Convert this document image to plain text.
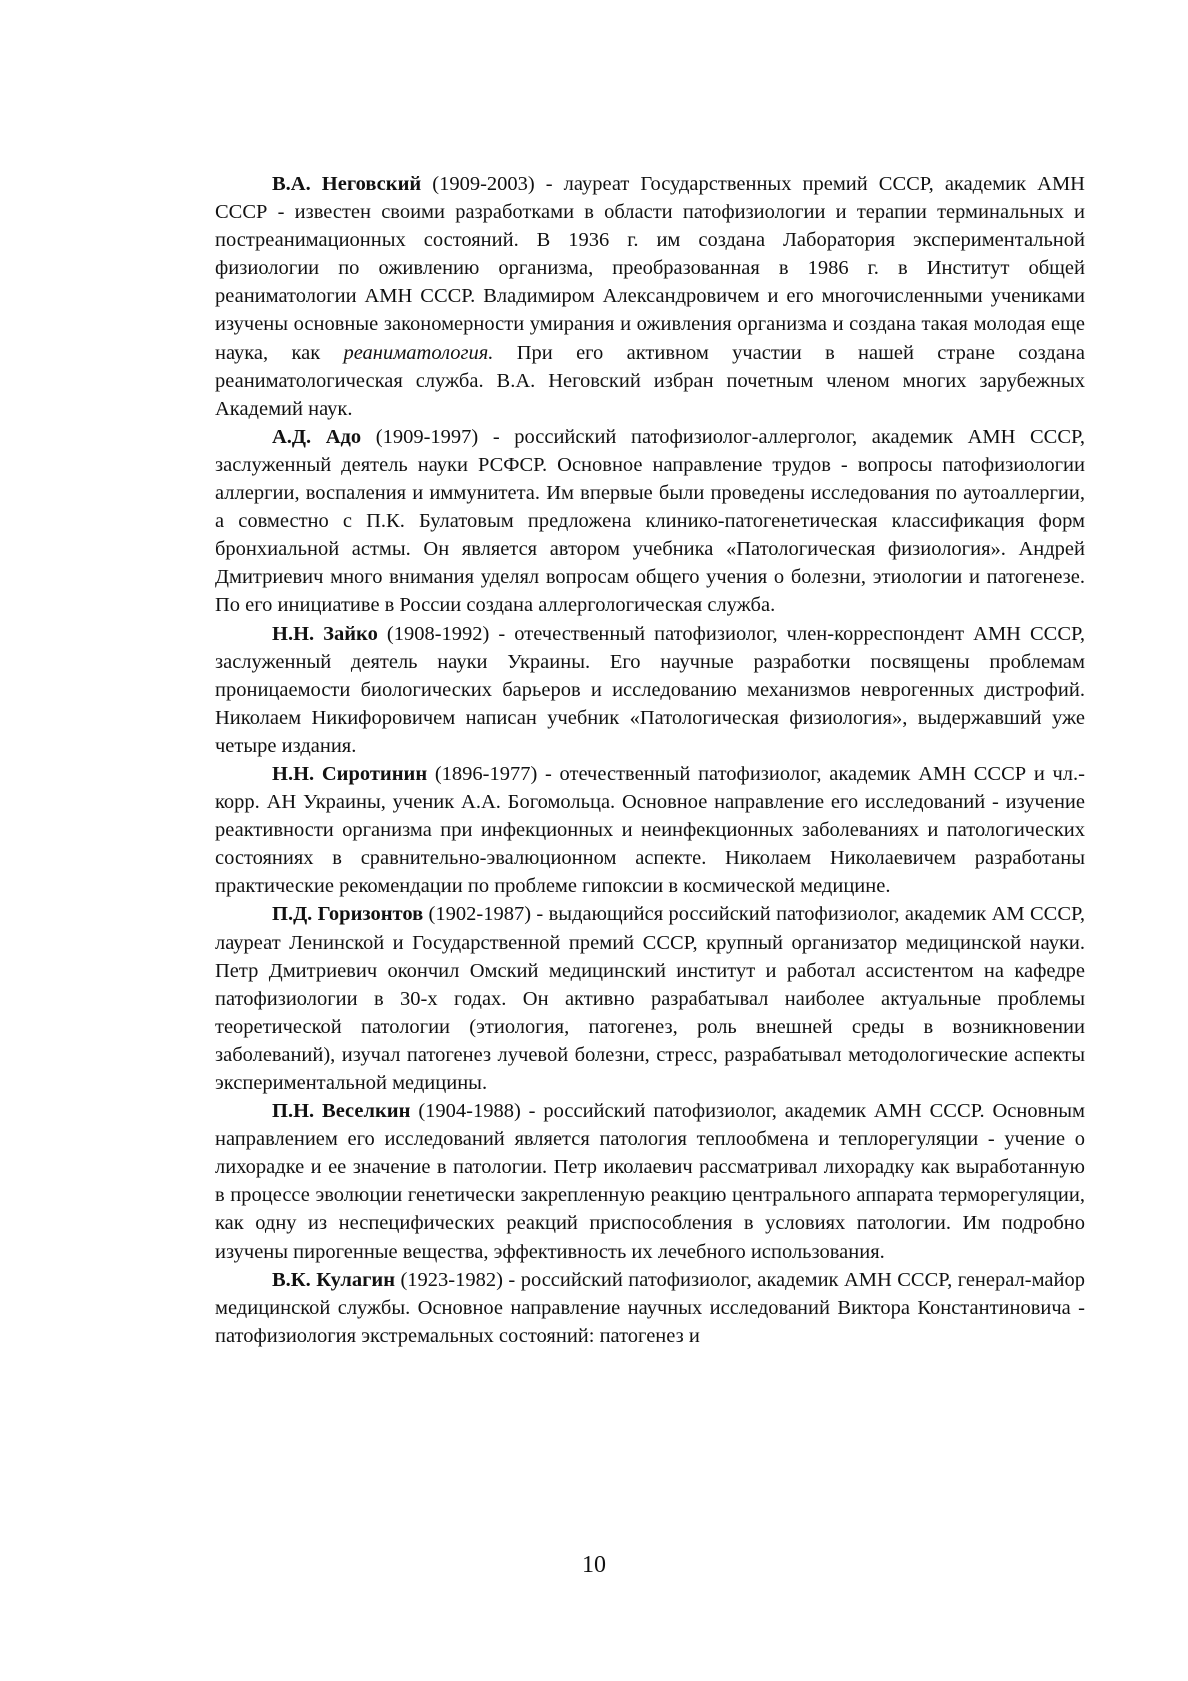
В.А. Неговский (1909-2003) - лауреат Государственных премий СССР, академик АМН СССР - известен своими разработками в области патофизиологии и терапии терминальных и постреанимационных состояний. В 1936 г. им создана Лаборатория экспериментальной физиологии по оживлению организма, преобразованная в 1986 г. в Институт общей реаниматологии АМН СССР. Владимиром Александровичем и его многочисленными учениками изучены основные закономерности умирания и оживления организма и создана такая молодая еще наука, как реаниматология. При его активном участии в нашей стране создана реаниматологическая служба. В.А. Неговский избран почетным членом многих зарубежных Академий наук.

А.Д. Адо (1909-1997) - российский патофизиолог-аллерголог, академик АМН СССР, заслуженный деятель науки РСФСР. Основное направление трудов - вопросы патофизиологии аллергии, воспаления и иммунитета. Им впервые были проведены исследования по аутоаллергии, а совместно с П.К. Булатовым предложена клинико-патогенетическая классификация форм бронхиальной астмы. Он является автором учебника «Патологическая физиология». Андрей Дмитриевич много внимания уделял вопросам общего учения о болезни, этиологии и патогенезе. По его инициативе в России создана аллергологическая служба.

Н.Н. Зайко (1908-1992) - отечественный патофизиолог, член-корреспондент АМН СССР, заслуженный деятель науки Украины. Его научные разработки посвящены проблемам проницаемости биологических барьеров и исследованию механизмов неврогенных дистрофий. Николаем Никифоровичем написан учебник «Патологическая физиология», выдержавший уже четыре издания.

Н.Н. Сиротинин (1896-1977) - отечественный патофизиолог, академик АМН СССР и чл.-корр. АН Украины, ученик А.А. Богомольца. Основное направление его исследований - изучение реактивности организма при инфекционных и неинфекционных заболеваниях и патологических состояниях в сравнительно-эвалюционном аспекте. Николаем Николаевичем разработаны практические рекомендации по проблеме гипоксии в космической медицине.

П.Д. Горизонтов (1902-1987) - выдающийся российский патофизиолог, академик АМ СССР, лауреат Ленинской и Государственной премий СССР, крупный организатор медицинской науки. Петр Дмитриевич окончил Омский медицинский институт и работал ассистентом на кафедре патофизиологии в 30-х годах. Он активно разрабатывал наиболее актуальные проблемы теоретической патологии (этиология, патогенез, роль внешней среды в возникновении заболеваний), изучал патогенез лучевой болезни, стресс, разрабатывал методологические аспекты экспериментальной медицины.

П.Н. Веселкин (1904-1988) - российский патофизиолог, академик АМН СССР. Основным направлением его исследований является патология теплообмена и теплорегуляции - учение о лихорадке и ее значение в патологии. Петр иколаевич рассматривал лихорадку как выработанную в процессе эволюции генетически закрепленную реакцию центрального аппарата терморегуляции, как одну из неспецифических реакций приспособления в условиях патологии. Им подробно изучены пирогенные вещества, эффективность их лечебного использования.

В.К. Кулагин (1923-1982) - российский патофизиолог, академик АМН СССР, генерал-майор медицинской службы. Основное направление научных исследований Виктора Константиновича - патофизиология экстремальных состояний: патогенез и

10
